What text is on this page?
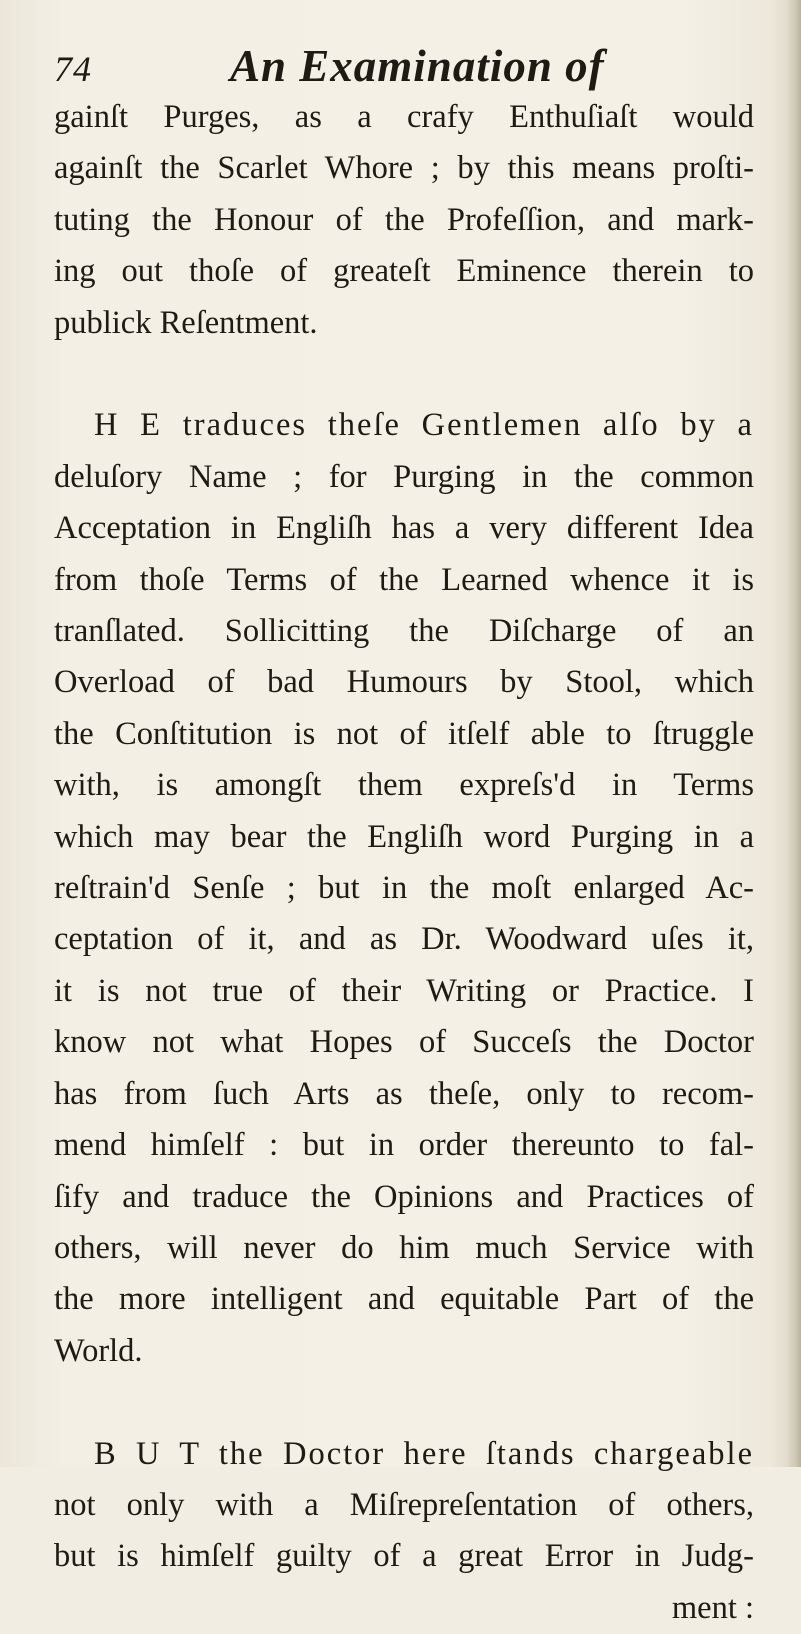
74	An Examination of
gainſt Purges, as a crafy Enthuſiaſt would
againſt the Scarlet Whore ; by this means proſti-
tuting the Honour of the Profeſſion, and mark-
ing out thoſe of greateſt Eminence therein to
publick Reſentment.
H E traduces theſe Gentlemen alſo by a
deluſory Name ; for Purging in the common
Acceptation in Engliſh has a very different Idea
from thoſe Terms of the Learned whence it is
tranſlated. Sollicitting the Diſcharge of an
Overload of bad Humours by Stool, which
the Conſtitution is not of itſelf able to ſtruggle
with, is amongſt them expreſs'd in Terms
which may bear the Engliſh word Purging in a
reſtrain'd Senſe ; but in the moſt enlarged Ac-
ceptation of it, and as Dr. Woodward uſes it,
it is not true of their Writing or Practice. I
know not what Hopes of Succeſs the Doctor
has from ſuch Arts as theſe, only to recom-
mend himſelf : but in order thereunto to fal-
ſify and traduce the Opinions and Practices of
others, will never do him much Service with
the more intelligent and equitable Part of the
World.
B U T the Doctor here ſtands chargeable
not only with a Miſrepreſentation of others,
but is himſelf guilty of a great Error in Judg-
ment :
